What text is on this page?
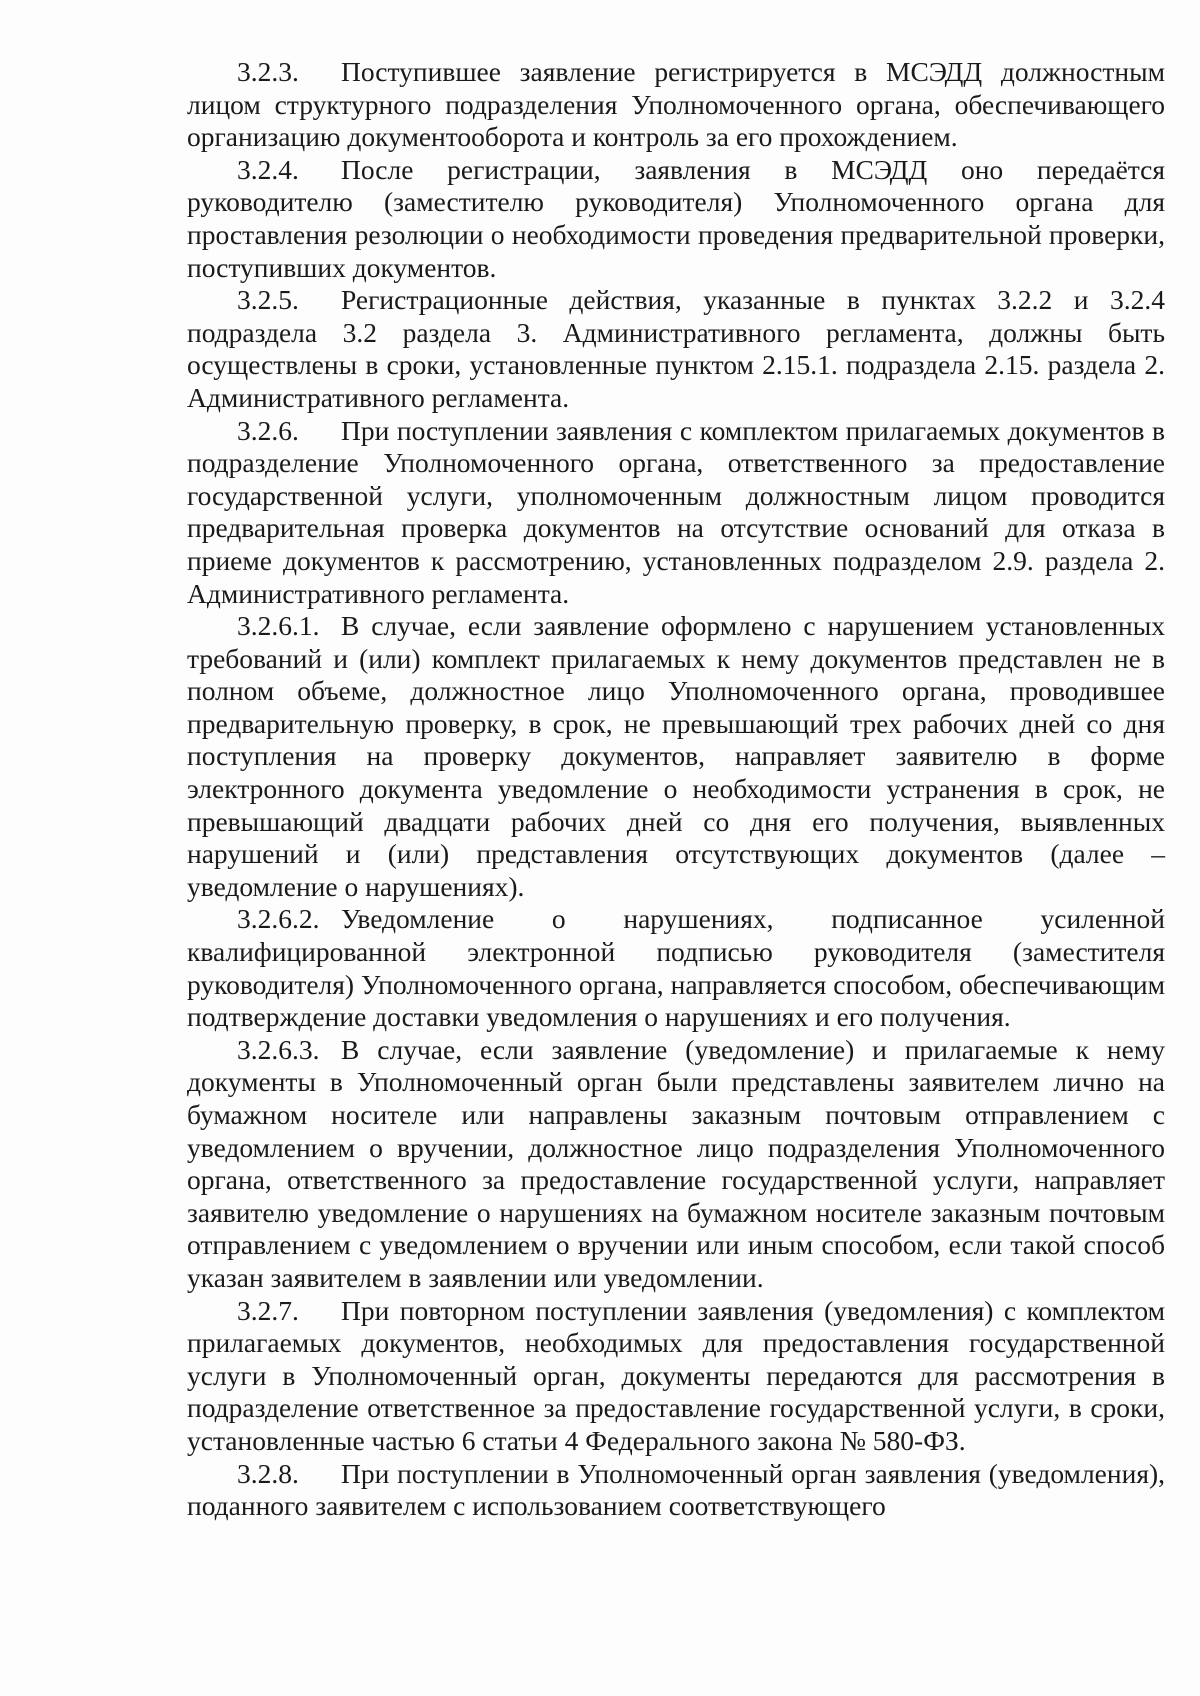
3.2.3. Поступившее заявление регистрируется в МСЭДД должностным лицом структурного подразделения Уполномоченного органа, обеспечивающего организацию документооборота и контроль за его прохождением.

3.2.4. После регистрации, заявления в МСЭДД оно передаётся руководителю (заместителю руководителя) Уполномоченного органа для проставления резолюции о необходимости проведения предварительной проверки, поступивших документов.

3.2.5. Регистрационные действия, указанные в пунктах 3.2.2 и 3.2.4 подраздела 3.2 раздела 3. Административного регламента, должны быть осуществлены в сроки, установленные пунктом 2.15.1. подраздела 2.15. раздела 2. Административного регламента.

3.2.6. При поступлении заявления с комплектом прилагаемых документов в подразделение Уполномоченного органа, ответственного за предоставление государственной услуги, уполномоченным должностным лицом проводится предварительная проверка документов на отсутствие оснований для отказа в приеме документов к рассмотрению, установленных подразделом 2.9. раздела 2. Административного регламента.

3.2.6.1. В случае, если заявление оформлено с нарушением установленных требований и (или) комплект прилагаемых к нему документов представлен не в полном объеме, должностное лицо Уполномоченного органа, проводившее предварительную проверку, в срок, не превышающий трех рабочих дней со дня поступления на проверку документов, направляет заявителю в форме электронного документа уведомление о необходимости устранения в срок, не превышающий двадцати рабочих дней со дня его получения, выявленных нарушений и (или) представления отсутствующих документов (далее – уведомление о нарушениях).

3.2.6.2. Уведомление о нарушениях, подписанное усиленной квалифицированной электронной подписью руководителя (заместителя руководителя) Уполномоченного органа, направляется способом, обеспечивающим подтверждение доставки уведомления о нарушениях и его получения.

3.2.6.3. В случае, если заявление (уведомление) и прилагаемые к нему документы в Уполномоченный орган были представлены заявителем лично на бумажном носителе или направлены заказным почтовым отправлением с уведомлением о вручении, должностное лицо подразделения Уполномоченного органа, ответственного за предоставление государственной услуги, направляет заявителю уведомление о нарушениях на бумажном носителе заказным почтовым отправлением с уведомлением о вручении или иным способом, если такой способ указан заявителем в заявлении или уведомлении.

3.2.7. При повторном поступлении заявления (уведомления) с комплектом прилагаемых документов, необходимых для предоставления государственной услуги в Уполномоченный орган, документы передаются для рассмотрения в подразделение ответственное за предоставление государственной услуги, в сроки, установленные частью 6 статьи 4 Федерального закона № 580-ФЗ.

3.2.8. При поступлении в Уполномоченный орган заявления (уведомления), поданного заявителем с использованием соответствующего
